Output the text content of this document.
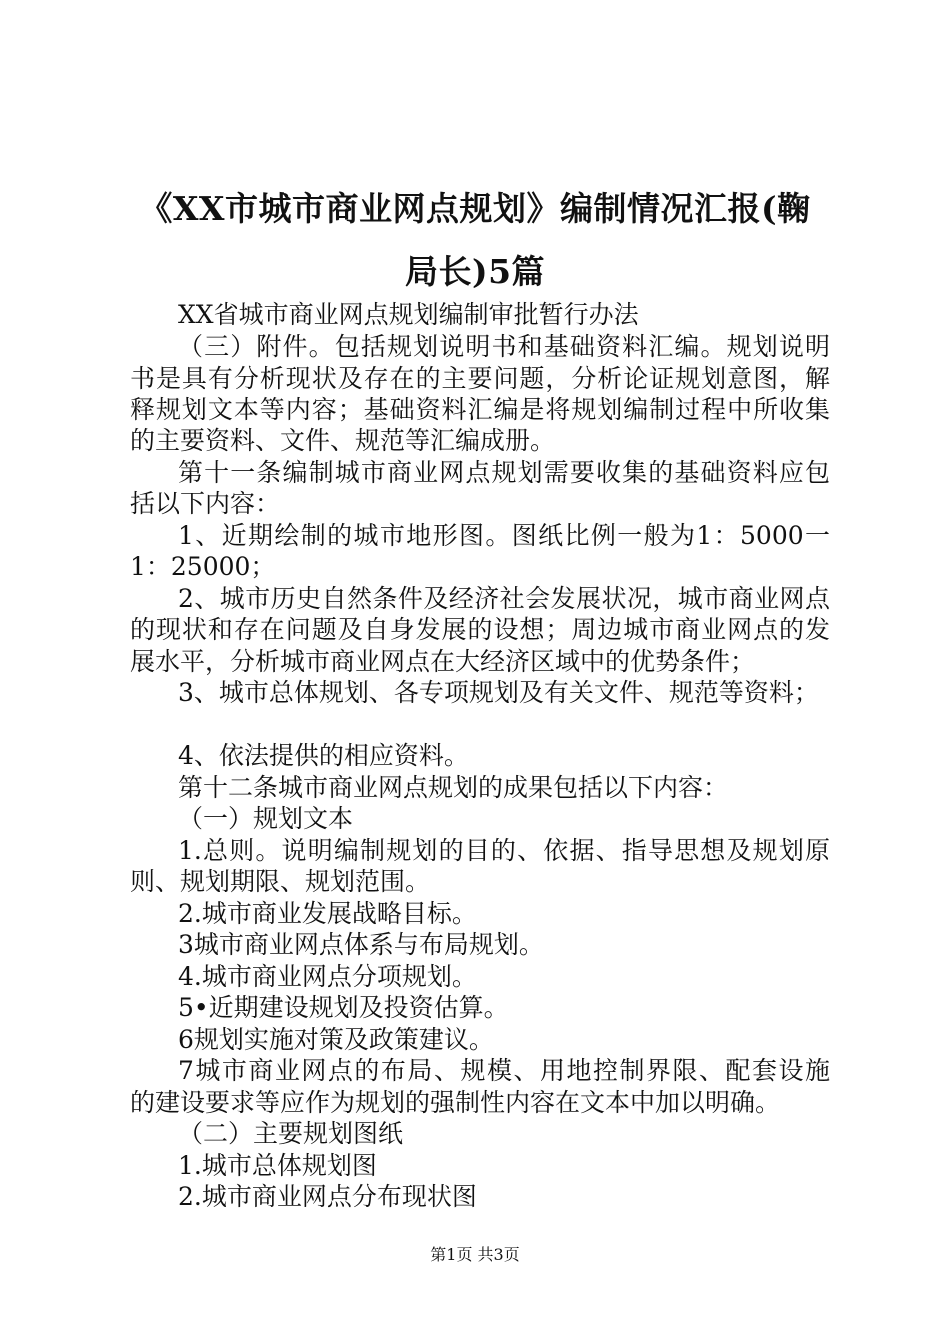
《XX市城市商业网点规划》编制情况汇报(鞠
局长)5篇
XX省城市商业网点规划编制审批暂行办法
（三）附件。包括规划说明书和基础资料汇编。规划说明
书是具有分析现状及存在的主要问题，分析论证规划意图，解
释规划文本等内容；基础资料汇编是将规划编制过程中所收集
的主要资料、文件、规范等汇编成册。
第十一条编制城市商业网点规划需要收集的基础资料应包
括以下内容：
1、近期绘制的城市地形图。图纸比例一般为1：5000一
1：25000；
2、城市历史自然条件及经济社会发展状况，城市商业网点
的现状和存在问题及自身发展的设想；周边城市商业网点的发
展水平，分析城市商业网点在大经济区域中的优势条件；
3、城市总体规划、各专项规划及有关文件、规范等资料；
4、依法提供的相应资料。
第十二条城市商业网点规划的成果包括以下内容：
（一）规划文本
1.总则。说明编制规划的目的、依据、指导思想及规划原
则、规划期限、规划范围。
2.城市商业发展战略目标。
3城市商业网点体系与布局规划。
4.城市商业网点分项规划。
5•近期建设规划及投资估算。
6规划实施对策及政策建议。
7城市商业网点的布局、规模、用地控制界限、配套设施
的建设要求等应作为规划的强制性内容在文本中加以明确。
（二）主要规划图纸
1.城市总体规划图
2.城市商业网点分布现状图
第1页 共3页
